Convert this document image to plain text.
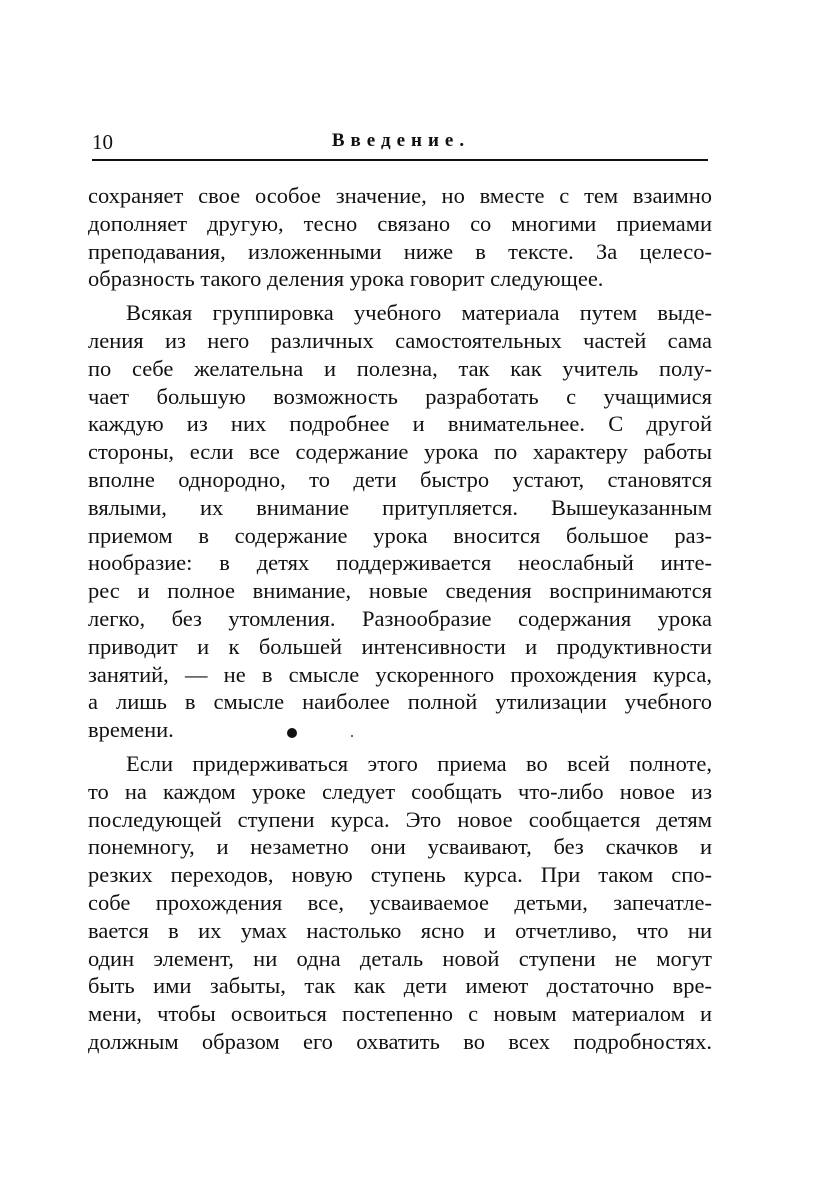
10	Введение.
сохраняет свое особое значение, но вместе с тем взаимно
дополняет другую, тесно связано со многими приемами
преподавания, изложенными ниже в тексте. За целесо-
образность такого деления урока говорит следующее.
Всякая группировка учебного материала путем выде-
ления из него различных самостоятельных частей сама
по себе желательна и полезна, так как учитель полу-
чает большую возможность разработать с учащимися
каждую из них подробнее и внимательнее. С другой
стороны, если все содержание урока по характеру работы
вполне однородно, то дети быстро устают, становятся
вялыми, их внимание притупляется. Вышеуказанным
приемом в содержание урока вносится большое раз-
нообразие: в детях поддерживается неослабный инте-
рес и полное внимание, новые сведения воспринимаются
легко, без утомления. Разнообразие содержания урока
приводит и к большей интенсивности и продуктивности
занятий, — не в смысле ускоренного прохождения курса,
а лишь в смысле наиболее полной утилизации учебного
времени.
Если придерживаться этого приема во всей полноте,
то на каждом уроке следует сообщать что-либо новое из
последующей ступени курса. Это новое сообщается детям
понемногу, и незаметно они усваивают, без скачков и
резких переходов, новую ступень курса. При таком спо-
собе прохождения все, усваиваемое детьми, запечатле-
вается в их умах настолько ясно и отчетливо, что ни
один элемент, ни одна деталь новой ступени не могут
быть ими забыты, так как дети имеют достаточно вре-
мени, чтобы освоиться постепенно с новым материалом и
должным образом его охватить во всех подробностях.
